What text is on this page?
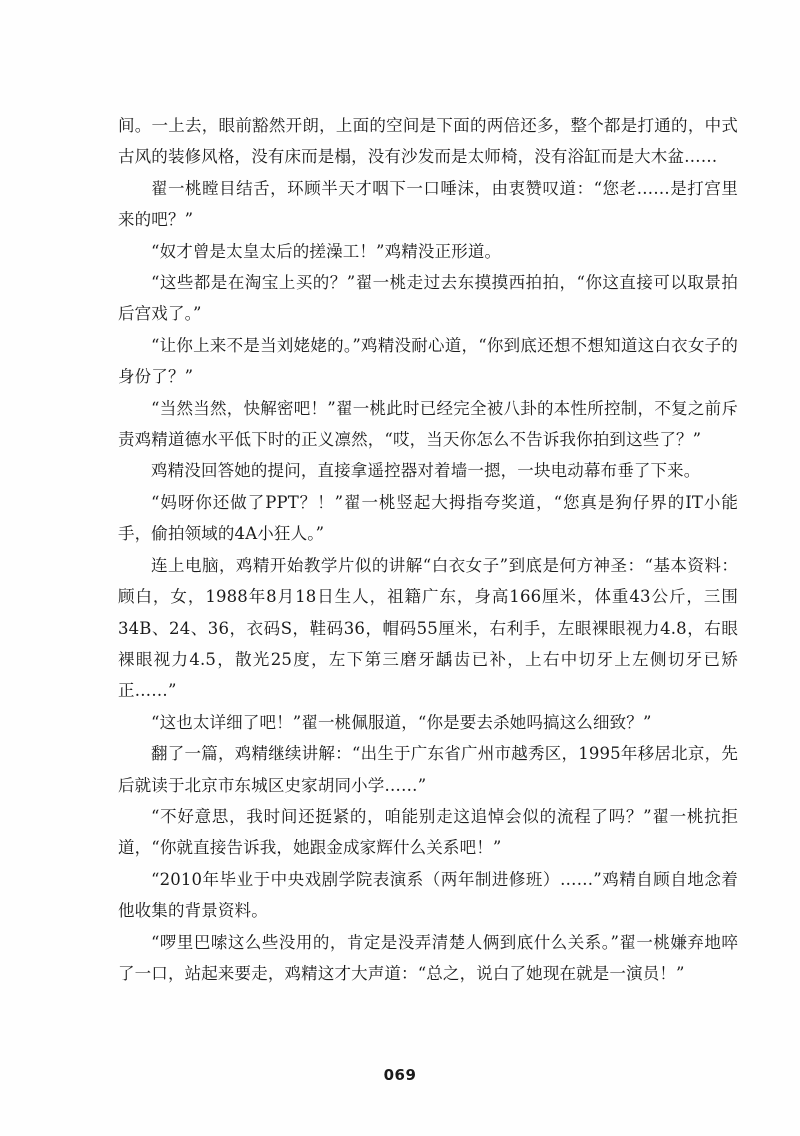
间。一上去，眼前豁然开朗，上面的空间是下面的两倍还多，整个都是打通的，中式古风的装修风格，没有床而是榻，没有沙发而是太师椅，没有浴缸而是大木盆……

翟一桃瞠目结舌，环顾半天才咽下一口唾沫，由衷赞叹道：“您老……是打宫里来的吧？”

“奴才曾是太皇太后的搓澡工！”鸡精没正形道。

“这些都是在淘宝上买的？”翟一桃走过去东摸摸西拍拍，“你这直接可以取景拍后宫戏了。”

“让你上来不是当刘姥姥的。”鸡精没耐心道，“你到底还想不想知道这白衣女子的身份了？”

“当然当然，快解密吧！”翟一桃此时已经完全被八卦的本性所控制，不复之前斥责鸡精道德水平低下时的正义凛然，“哎，当天你怎么不告诉我你拍到这些了？”

鸡精没回答她的提问，直接拿遥控器对着墙一摁，一块电动幕布垂了下来。

“妈呀你还做了PPT？！”翟一桃竖起大拇指夸奖道，“您真是狗仔界的IT小能手，偷拍领域的4A小狂人。”

连上电脑，鸡精开始教学片似的讲解“白衣女子”到底是何方神圣：“基本资料：顾白，女，1988年8月18日生人，祖籍广东，身高166厘米，体重43公斤，三围34B、24、36，衣码S，鞋码36，帽码55厘米，右利手，左眼裸眼视力4.8，右眼裸眼视力4.5，散光25度，左下第三磨牙龋齿已补，上右中切牙上左侧切牙已矫正……”

“这也太详细了吧！”翟一桃佩服道，“你是要去杀她吗搞这么细致？”

翻了一篇，鸡精继续讲解：“出生于广东省广州市越秀区，1995年移居北京，先后就读于北京市东城区史家胡同小学……”

“不好意思，我时间还挺紧的，咱能别走这追悼会似的流程了吗？”翟一桃抗拒道，“你就直接告诉我，她跟金成家辉什么关系吧！”

“2010年毕业于中央戏剧学院表演系（两年制进修班）……”鸡精自顾自地念着他收集的背景资料。

“啰里巴嗦这么些没用的，肯定是没弄清楚人俩到底什么关系。”翟一桃嫌弃地啐了一口，站起来要走，鸡精这才大声道：“总之，说白了她现在就是一演员！”

069
